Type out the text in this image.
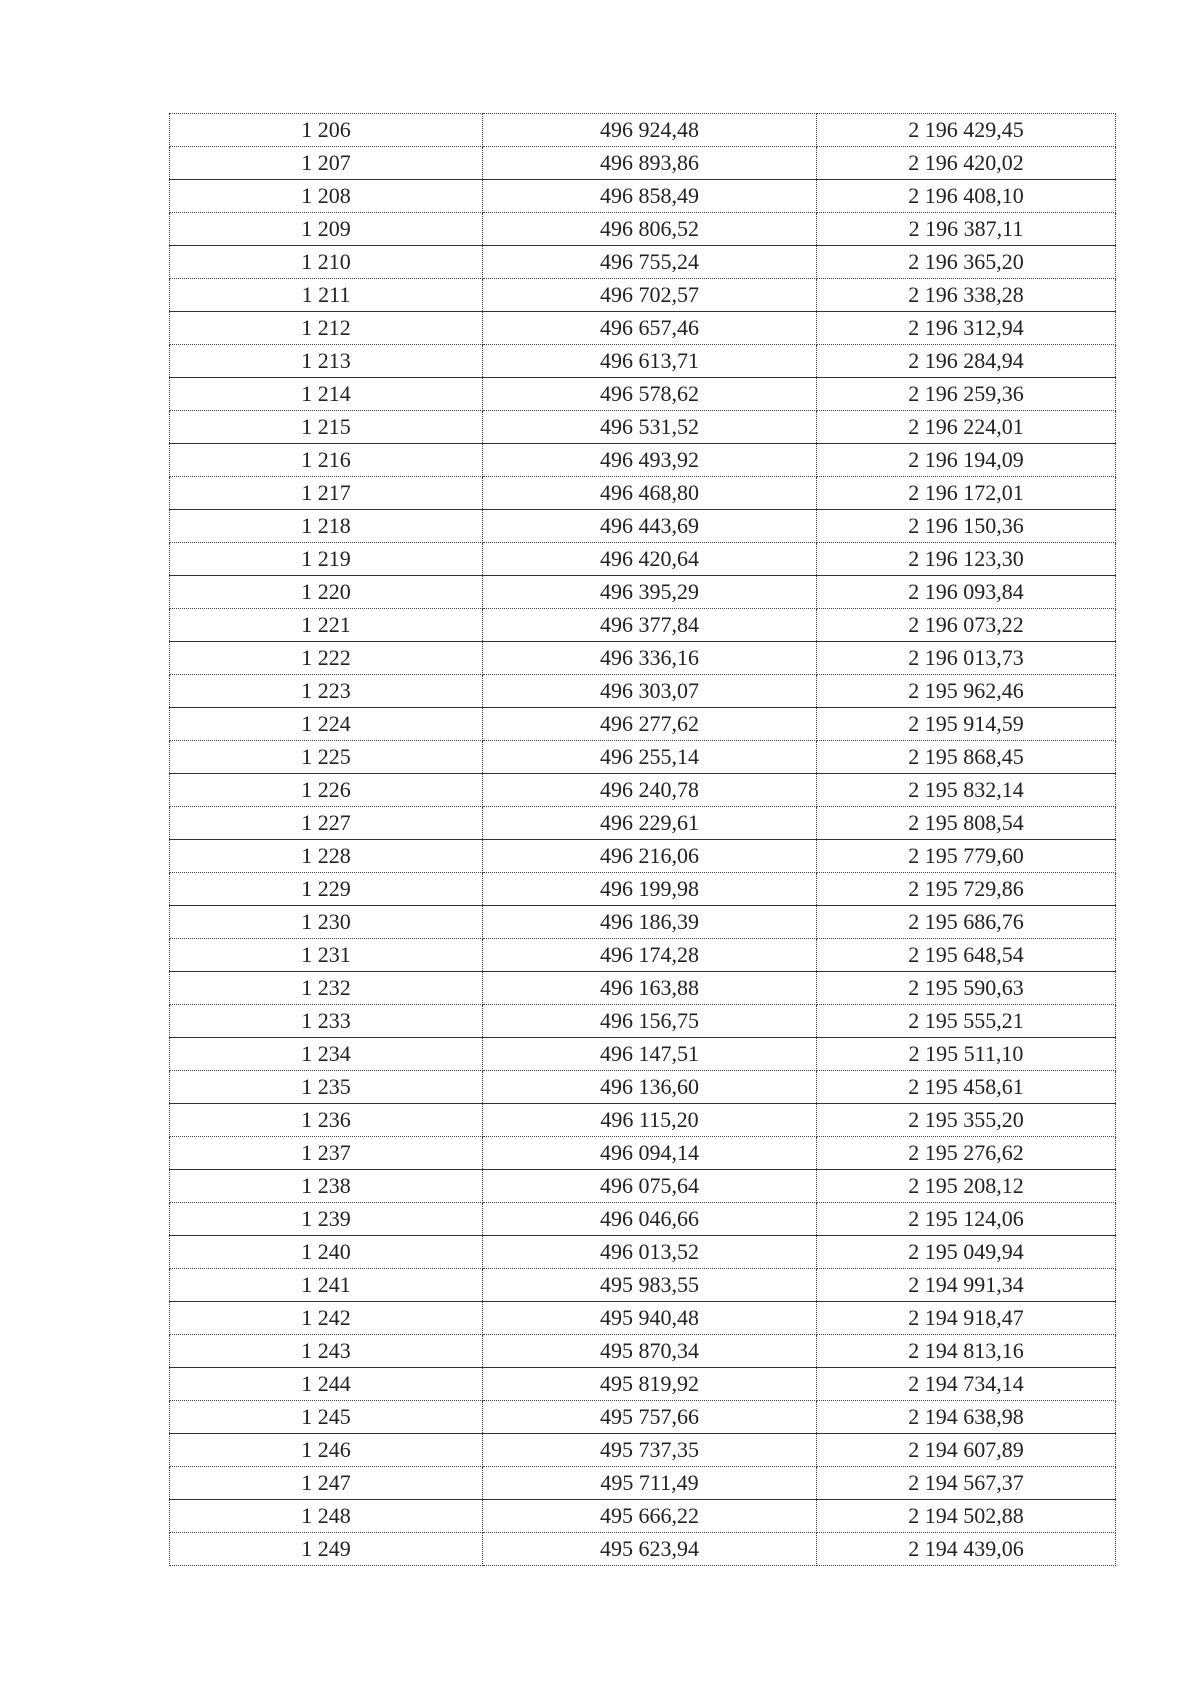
1 206	496 924,48	2 196 429,45
1 207	496 893,86	2 196 420,02
1 208	496 858,49	2 196 408,10
1 209	496 806,52	2 196 387,11
1 210	496 755,24	2 196 365,20
1 211	496 702,57	2 196 338,28
1 212	496 657,46	2 196 312,94
1 213	496 613,71	2 196 284,94
1 214	496 578,62	2 196 259,36
1 215	496 531,52	2 196 224,01
1 216	496 493,92	2 196 194,09
1 217	496 468,80	2 196 172,01
1 218	496 443,69	2 196 150,36
1 219	496 420,64	2 196 123,30
1 220	496 395,29	2 196 093,84
1 221	496 377,84	2 196 073,22
1 222	496 336,16	2 196 013,73
1 223	496 303,07	2 195 962,46
1 224	496 277,62	2 195 914,59
1 225	496 255,14	2 195 868,45
1 226	496 240,78	2 195 832,14
1 227	496 229,61	2 195 808,54
1 228	496 216,06	2 195 779,60
1 229	496 199,98	2 195 729,86
1 230	496 186,39	2 195 686,76
1 231	496 174,28	2 195 648,54
1 232	496 163,88	2 195 590,63
1 233	496 156,75	2 195 555,21
1 234	496 147,51	2 195 511,10
1 235	496 136,60	2 195 458,61
1 236	496 115,20	2 195 355,20
1 237	496 094,14	2 195 276,62
1 238	496 075,64	2 195 208,12
1 239	496 046,66	2 195 124,06
1 240	496 013,52	2 195 049,94
1 241	495 983,55	2 194 991,34
1 242	495 940,48	2 194 918,47
1 243	495 870,34	2 194 813,16
1 244	495 819,92	2 194 734,14
1 245	495 757,66	2 194 638,98
1 246	495 737,35	2 194 607,89
1 247	495 711,49	2 194 567,37
1 248	495 666,22	2 194 502,88
1 249	495 623,94	2 194 439,06
